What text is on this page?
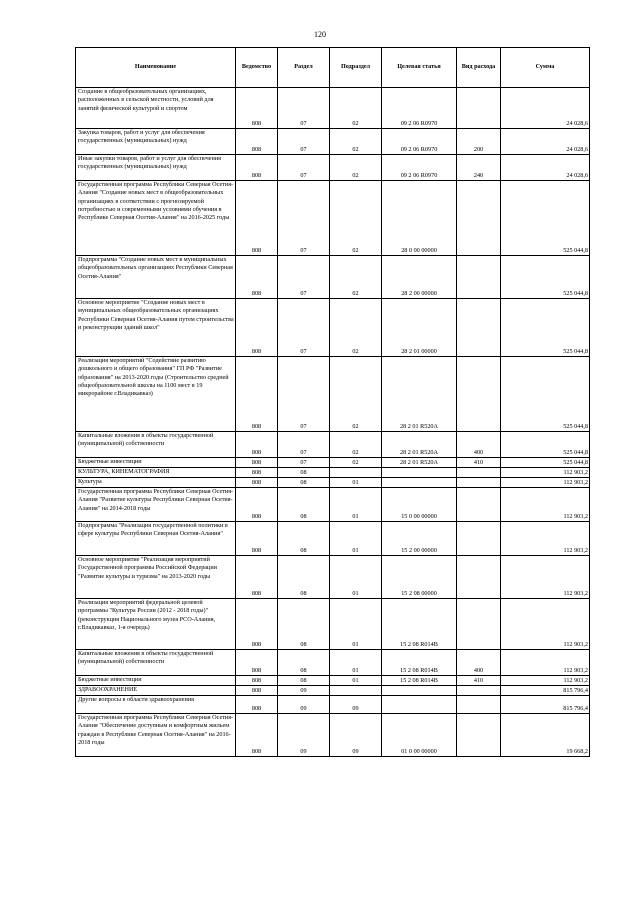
120
Наименование	Ведомство	Раздел	Подраздел	Целевая статья	Вид расхода	Сумма
Создание в общеобразовательных организациях, расположенных в сельской местности, условий для занятий физической культурой и спортом	808	07	02	09 2 06 R0970		24 028,6
Закупка товаров, работ и услуг для обеспечения государственных (муниципальных) нужд	808	07	02	09 2 06 R0970	200	24 028,6
Иные закупки товаров, работ и услуг для обеспечения государственных (муниципальных) нужд	808	07	02	09 2 06 R0970	240	24 028,6
Государственная программа Республики Северная Осетия-Алания "Создание новых мест в общеобразовательных организациях в соответствии с прогнозируемой потребностью и современными условиями обучения в Республике Северная Осетия-Алания" на 2016-2025 годы	808	07	02	28 0 00 00000		525 044,8
Подпрограмма "Создание новых мест в муниципальных общеобразовательных организациях Республики Северная Осетия-Алания"	808	07	02	28 2 00 00000		525 044,8
Основное мероприятие "Создание новых мест в муниципальных общеобразовательных организациях Республики Северная Осетия-Алания путем строительства и реконструкции зданий школ"	808	07	02	28 2 01 00000		525 044,8
Реализация мероприятий "Содействие развитию дошкольного и общего образования" ГП РФ "Развитие образования" на 2013-2020 годы (Строительство средней общеобразовательной школы на 1100 мест в 19 микрорайоне г.Владикавказ)	808	07	02	28 2 01 R520A		525 044,8
Капитальные вложения в объекты государственной (муниципальной) собственности	808	07	02	28 2 01 R520A	400	525 044,8
Бюджетные инвестиции	808	07	02	28 2 01 R520A	410	525 044,8
КУЛЬТУРА, КИНЕМАТОГРАФИЯ	808	08				112 903,2
Культура	808	08	01			112 903,2
Государственная программа Республики Северная Осетия-Алания "Развитие культуры Республики Северная Осетия-Алания" на 2014-2018 годы	808	08	01	15 0 00 00000		112 903,2
Подпрограмма "Реализация государственной политики в сфере культуры Республики Северная Осетия-Алания"	808	08	01	15 2 00 00000		112 903,2
Основное мероприятие "Реализация мероприятий Государственной программы Российской Федерации "Развитие культуры и туризма" на 2013-2020 годы	808	08	01	15 2 08 00000		112 903,2
Реализация мероприятий федеральной целевой программы "Культура России (2012 - 2018 годы)" (реконструкция Национального музея РСО-Алания, г.Владикавказ, 1-я очередь)	808	08	01	15 2 08 R014B		112 903,2
Капитальные вложения в объекты государственной (муниципальной) собственности	808	08	01	15 2 08 R014B	400	112 903,2
Бюджетные инвестиции	808	08	01	15 2 08 R014B	410	112 903,2
ЗДРАВООХРАНЕНИЕ	808	09				815 796,4
Другие вопросы в области здравоохранения	808	09	09			815 796,4
Государственная программа Республики Северная Осетия-Алания "Обеспечение доступным и комфортным жильем граждан в Республике Северная Осетия-Алания" на 2016-2018 годы	808	09	09	01 0 00 00000		19 668,2
